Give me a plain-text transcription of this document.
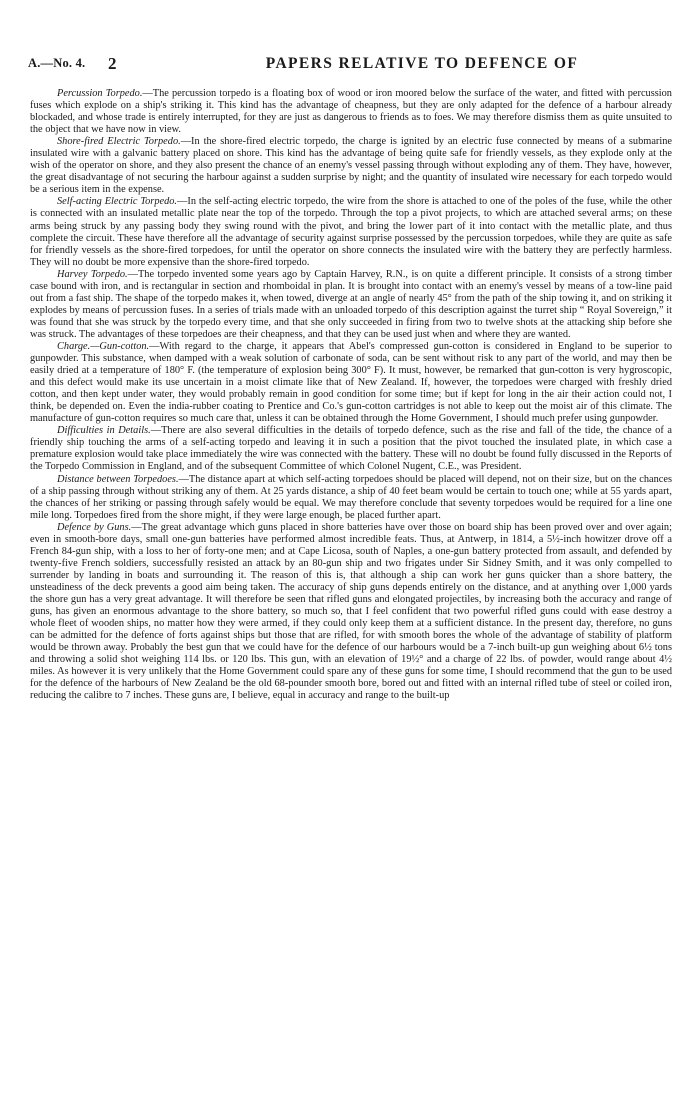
A.—No. 4. 2	PAPERS RELATIVE TO DEFENCE OF

Percussion Torpedo.—The percussion torpedo is a floating box of wood or iron moored below the surface of the water, and fitted with percussion fuses which explode on a ship's striking it. This kind has the advantage of cheapness, but they are only adapted for the defence of a harbour already blockaded, and whose trade is entirely interrupted, for they are just as dangerous to friends as to foes. We may therefore dismiss them as quite unsuited to the object that we have now in view.

Shore-fired Electric Torpedo.—In the shore-fired electric torpedo, the charge is ignited by an electric fuse connected by means of a submarine insulated wire with a galvanic battery placed on shore. This kind has the advantage of being quite safe for friendly vessels, as they explode only at the wish of the operator on shore, and they also present the chance of an enemy's vessel passing through without exploding any of them. They have, however, the great disadvantage of not securing the harbour against a sudden surprise by night; and the quantity of insulated wire necessary for each torpedo would be a serious item in the expense.

Self-acting Electric Torpedo.—In the self-acting electric torpedo, the wire from the shore is attached to one of the poles of the fuse, while the other is connected with an insulated metallic plate near the top of the torpedo. Through the top a pivot projects, to which are attached several arms; on these arms being struck by any passing body they swing round with the pivot, and bring the lower part of it into contact with the metallic plate, and thus complete the circuit. These have therefore all the advantage of security against surprise possessed by the percussion torpedoes, while they are quite as safe for friendly vessels as the shore-fired torpedoes, for until the operator on shore connects the insulated wire with the battery they are perfectly harmless. They will no doubt be more expensive than the shore-fired torpedo.

Harvey Torpedo.—The torpedo invented some years ago by Captain Harvey, R.N., is on quite a different principle. It consists of a strong timber case bound with iron, and is rectangular in section and rhomboidal in plan. It is brought into contact with an enemy's vessel by means of a tow-line paid out from a fast ship. The shape of the torpedo makes it, when towed, diverge at an angle of nearly 45° from the path of the ship towing it, and on striking it explodes by means of percussion fuses. In a series of trials made with an unloaded torpedo of this description against the turret ship “ Royal Sovereign,” it was found that she was struck by the torpedo every time, and that she only succeeded in firing from two to twelve shots at the attacking ship before she was struck. The advantages of these torpedoes are their cheapness, and that they can be used just when and where they are wanted.

Charge.—Gun-cotton.—With regard to the charge, it appears that Abel's compressed gun-cotton is considered in England to be superior to gunpowder. This substance, when damped with a weak solution of carbonate of soda, can be sent without risk to any part of the world, and may then be easily dried at a temperature of 180° F. (the temperature of explosion being 300° F). It must, however, be remarked that gun-cotton is very hygroscopic, and this defect would make its use uncertain in a moist climate like that of New Zealand. If, however, the torpedoes were charged with freshly dried cotton, and then kept under water, they would probably remain in good condition for some time; but if kept for long in the air their action could not, I think, be depended on. Even the india-rubber coating to Prentice and Co.'s gun-cotton cartridges is not able to keep out the moist air of this climate. The manufacture of gun-cotton requires so much care that, unless it can be obtained through the Home Government, I should much prefer using gunpowder.

Difficulties in Details.—There are also several difficulties in the details of torpedo defence, such as the rise and fall of the tide, the chance of a friendly ship touching the arms of a self-acting torpedo and leaving it in such a position that the pivot touched the insulated plate, in which case a premature explosion would take place immediately the wire was connected with the battery. These will no doubt be found fully discussed in the Reports of the Torpedo Commission in England, and of the subsequent Committee of which Colonel Nugent, C.E., was President.

Distance between Torpedoes.—The distance apart at which self-acting torpedoes should be placed will depend, not on their size, but on the chances of a ship passing through without striking any of them. At 25 yards distance, a ship of 40 feet beam would be certain to touch one; while at 55 yards apart, the chances of her striking or passing through safely would be equal. We may therefore conclude that seventy torpedoes would be required for a line one mile long. Torpedoes fired from the shore might, if they were large enough, be placed further apart.

Defence by Guns.—The great advantage which guns placed in shore batteries have over those on board ship has been proved over and over again; even in smooth-bore days, small one-gun batteries have performed almost incredible feats. Thus, at Antwerp, in 1814, a 5½-inch howitzer drove off a French 84-gun ship, with a loss to her of forty-one men; and at Cape Licosa, south of Naples, a one-gun battery protected from assault, and defended by twenty-five French soldiers, successfully resisted an attack by an 80-gun ship and two frigates under Sir Sidney Smith, and it was only compelled to surrender by landing in boats and surrounding it. The reason of this is, that although a ship can work her guns quicker than a shore battery, the unsteadiness of the deck prevents a good aim being taken. The accuracy of ship guns depends entirely on the distance, and at anything over 1,000 yards the shore gun has a very great advantage. It will therefore be seen that rifled guns and elongated projectiles, by increasing both the accuracy and range of guns, has given an enormous advantage to the shore battery, so much so, that I feel confident that two powerful rifled guns could with ease destroy a whole fleet of wooden ships, no matter how they were armed, if they could only keep them at a sufficient distance. In the present day, therefore, no guns can be admitted for the defence of forts against ships but those that are rifled, for with smooth bores the whole of the advantage of stability of platform would be thrown away. Probably the best gun that we could have for the defence of our harbours would be a 7-inch built-up gun weighing about 6½ tons and throwing a solid shot weighing 114 lbs. or 120 lbs. This gun, with an elevation of 19½° and a charge of 22 lbs. of powder, would range about 4½ miles. As however it is very unlikely that the Home Government could spare any of these guns for some time, I should recommend that the gun to be used for the defence of the harbours of New Zealand be the old 68-pounder smooth bore, bored out and fitted with an internal rifled tube of steel or coiled iron, reducing the calibre to 7 inches. These guns are, I believe, equal in accuracy and range to the built-up
